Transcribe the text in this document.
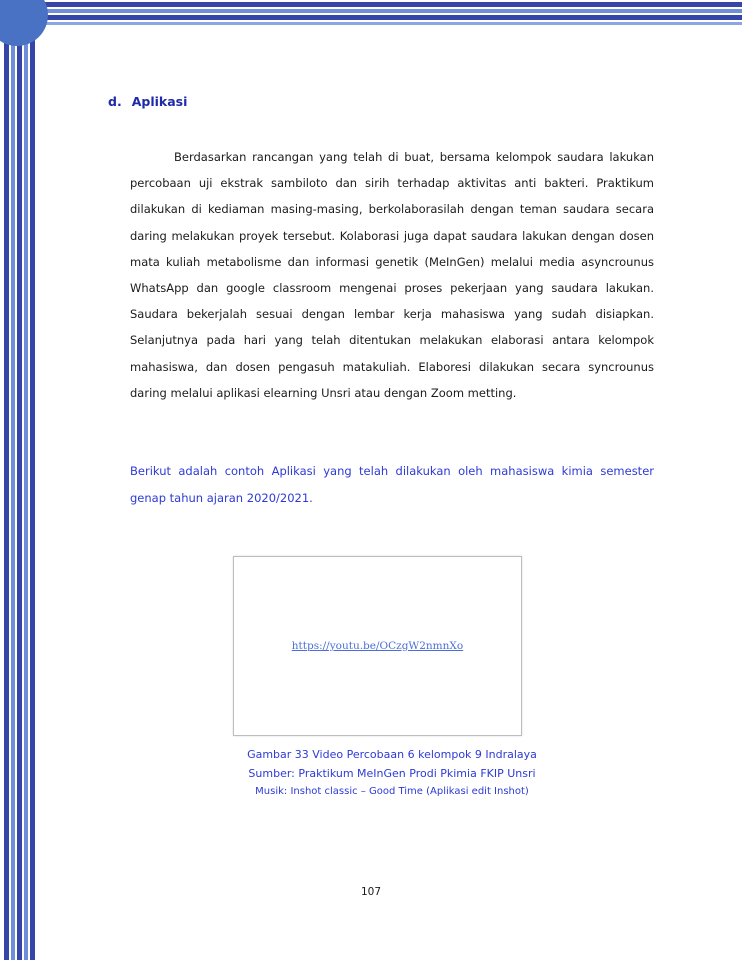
d. Aplikasi

Berdasarkan rancangan yang telah di buat, bersama kelompok saudara lakukan percobaan uji ekstrak sambiloto dan sirih terhadap aktivitas anti bakteri. Praktikum dilakukan di kediaman masing-masing, berkolaborasilah dengan teman saudara secara daring melakukan proyek tersebut. Kolaborasi juga dapat saudara lakukan dengan dosen mata kuliah metabolisme dan informasi genetik (MeInGen) melalui media asyncrounus WhatsApp dan google classroom mengenai proses pekerjaan yang saudara lakukan. Saudara bekerjalah sesuai dengan lembar kerja mahasiswa yang sudah disiapkan. Selanjutnya pada hari yang telah ditentukan melakukan elaborasi antara kelompok mahasiswa, dan dosen pengasuh matakuliah. Elaboresi dilakukan secara syncrounus daring melalui aplikasi elearning Unsri atau dengan Zoom metting.

Berikut adalah contoh Aplikasi yang telah dilakukan oleh mahasiswa kimia semester genap tahun ajaran 2020/2021.

https://youtu.be/OCzgW2nmnXo

Gambar 33 Video Percobaan 6 kelompok 9 Indralaya

Sumber: Praktikum MeInGen Prodi Pkimia FKIP Unsri

Musik: Inshot classic – Good Time (Aplikasi edit Inshot)

107
